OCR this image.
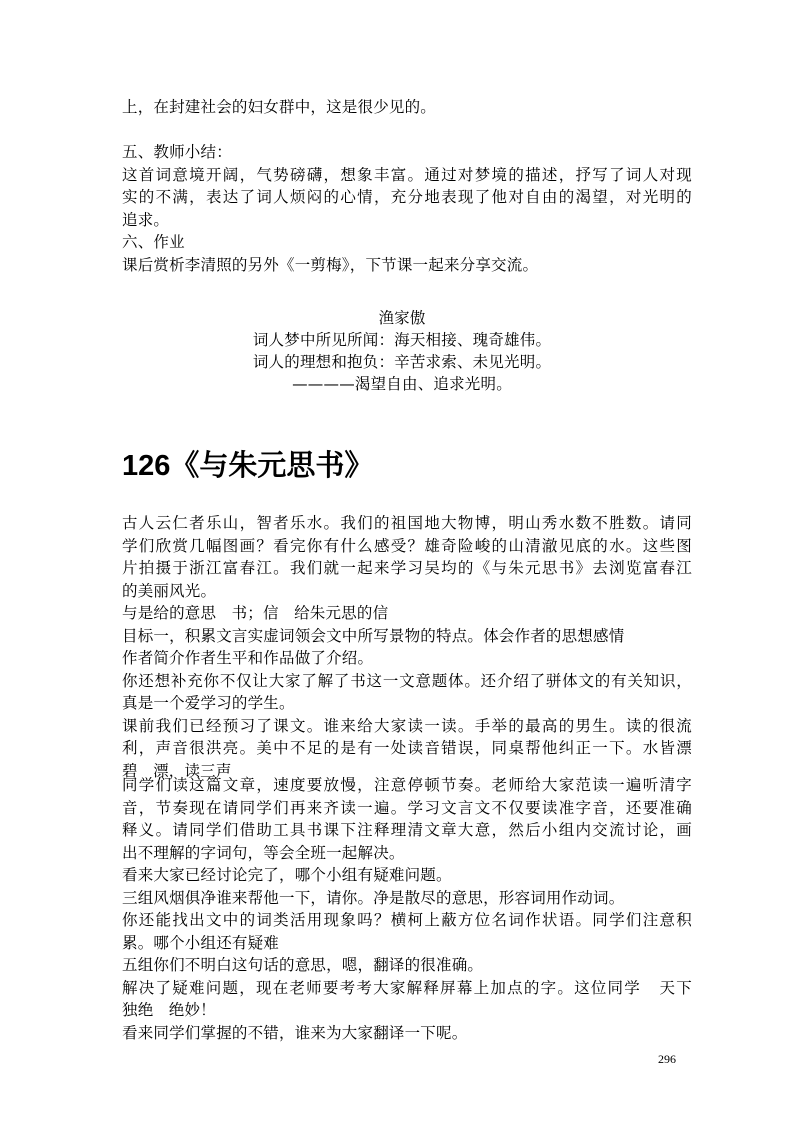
上，在封建社会的妇女群中，这是很少见的。
五、教师小结：
这首词意境开阔，气势磅礴，想象丰富。通过对梦境的描述，抒写了词人对现
实的不满，表达了词人烦闷的心情，充分地表现了他对自由的渴望，对光明的
追求。
六、作业
课后赏析李清照的另外《一剪梅》，下节课一起来分享交流。
渔家傲
词人梦中所见所闻：海天相接、瑰奇雄伟。
词人的理想和抱负：辛苦求索、未见光明。
————渴望自由、追求光明。
126《与朱元思书》
古人云仁者乐山，智者乐水。我们的祖国地大物博，明山秀水数不胜数。请同
学们欣赏几幅图画？看完你有什么感受？雄奇险峻的山清澈见底的水。这些图
片拍摄于浙江富春江。我们就一起来学习吴均的《与朱元思书》去浏览富春江
的美丽风光。
与是给的意思   书；信   给朱元思的信
目标一，积累文言实虚词领会文中所写景物的特点。体会作者的思想感情
作者简介作者生平和作品做了介绍。
你还想补充你不仅让大家了解了书这一文意题体。还介绍了骈体文的有关知识，
真是一个爱学习的学生。
课前我们已经预习了课文。谁来给大家读一读。手举的最高的男生。读的很流
利，声音很洪亮。美中不足的是有一处读音错误，同桌帮他纠正一下。水皆漂
碧   漂，读三声
同学们读这篇文章，速度要放慢，注意停顿节奏。老师给大家范读一遍听清字
音，节奏现在请同学们再来齐读一遍。学习文言文不仅要读准字音，还要准确
释义。请同学们借助工具书课下注释理清文章大意，然后小组内交流讨论，画
出不理解的字词句，等会全班一起解决。
看来大家已经讨论完了，哪个小组有疑难问题。
三组风烟俱净谁来帮他一下，请你。净是散尽的意思，形容词用作动词。
你还能找出文中的词类活用现象吗？横柯上蔽方位名词作状语。同学们注意积
累。哪个小组还有疑难
五组你们不明白这句话的意思，嗯，翻译的很准确。
解决了疑难问题，现在老师要考考大家解释屏幕上加点的字。这位同学   天下
独绝   绝妙！
看来同学们掌握的不错，谁来为大家翻译一下呢。
296
